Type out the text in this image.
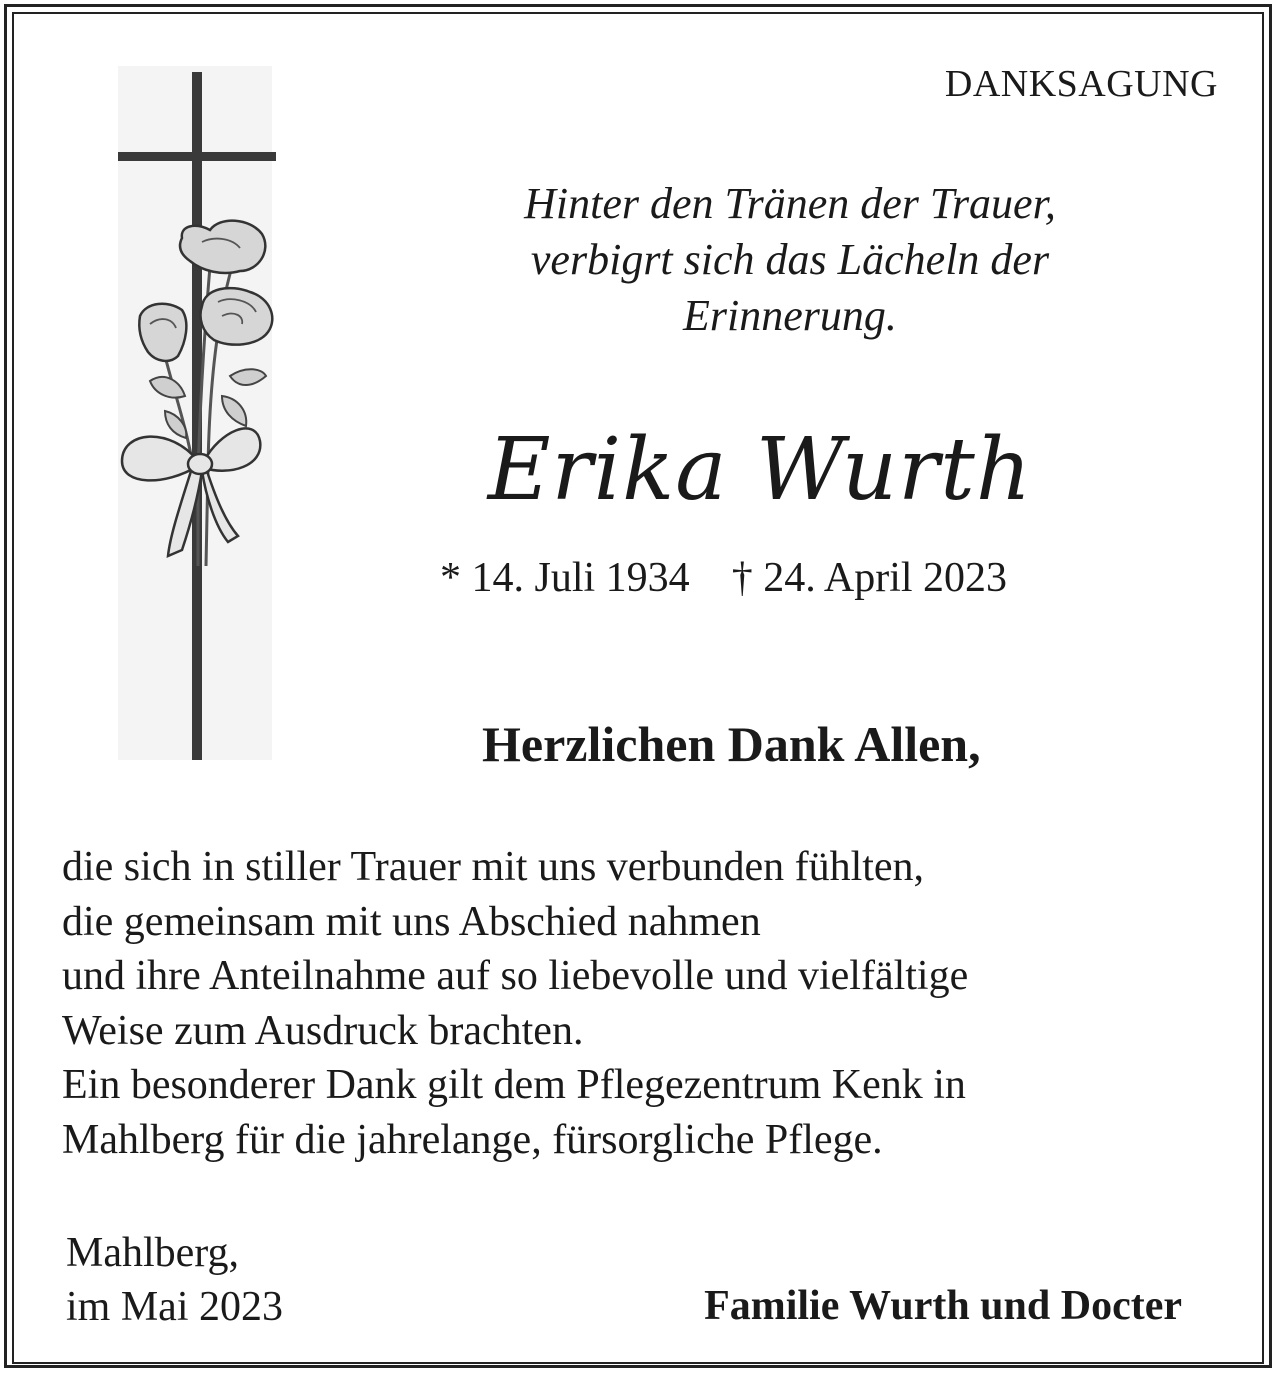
DANKSAGUNG
Hinter den Tränen der Trauer,
verbigrt sich das Lächeln der
Erinnerung.
Erika Wurth
* 14. Juli 1934 † 24. April 2023
Herzlichen Dank Allen,
die sich in stiller Trauer mit uns verbunden fühlten,
die gemeinsam mit uns Abschied nahmen
und ihre Anteilnahme auf so liebevolle und vielfältige
Weise zum Ausdruck brachten.
Ein besonderer Dank gilt dem Pflegezentrum Kenk in
Mahlberg für die jahrelange, fürsorgliche Pflege.
Mahlberg,
im Mai 2023	Familie Wurth und Docter
